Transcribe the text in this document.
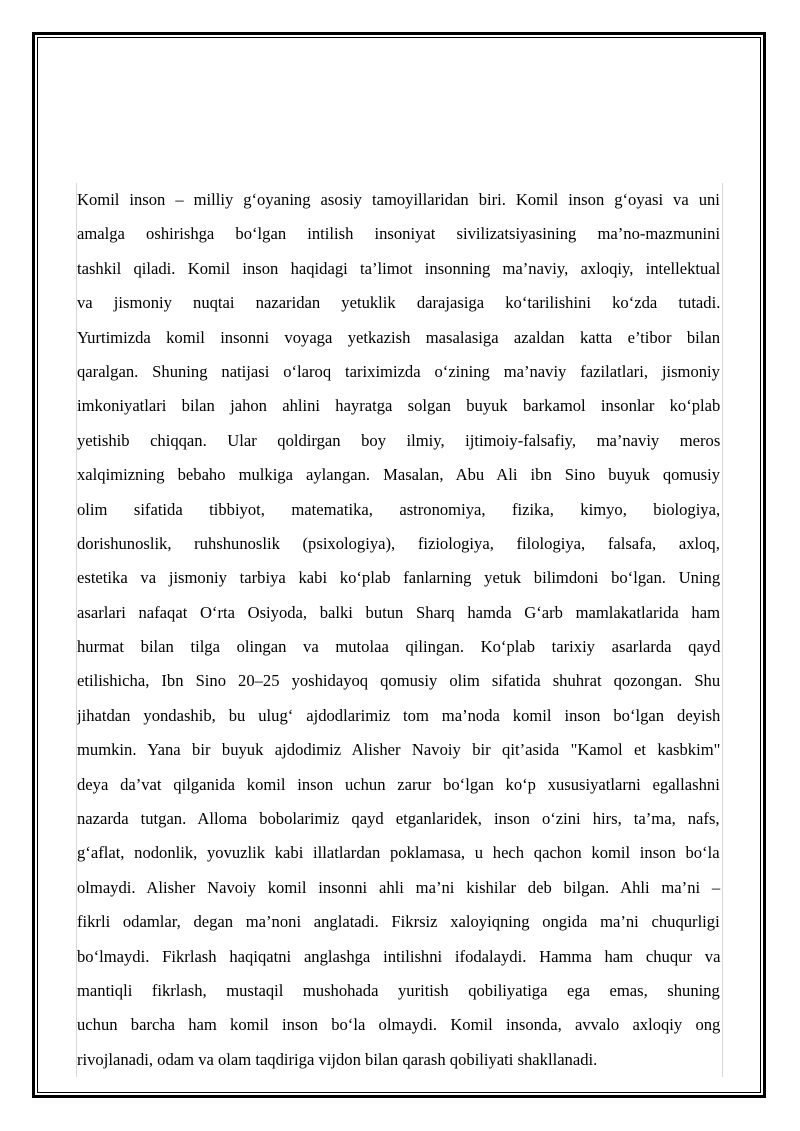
Komil inson – milliy g‘oyaning asosiy tamoyillaridan biri. Komil inson g‘oyasi va uni
amalga oshirishga bo‘lgan intilish insoniyat sivilizatsiyasining ma’no-mazmunini
tashkil qiladi. Komil inson haqidagi ta’limot insonning ma’naviy, axloqiy, intellektual
va jismoniy nuqtai nazaridan yetuklik darajasiga ko‘tarilishini ko‘zda tutadi.
Yurtimizda komil insonni voyaga yetkazish masalasiga azaldan katta e’tibor bilan
qaralgan. Shuning natijasi o‘laroq tariximizda o‘zining ma’naviy fazilatlari, jismoniy
imkoniyatlari bilan jahon ahlini hayratga solgan buyuk barkamol insonlar ko‘plab
yetishib chiqqan. Ular qoldirgan boy ilmiy, ijtimoiy-falsafiy, ma’naviy meros
xalqimizning bebaho mulkiga aylangan. Masalan, Abu Ali ibn Sino buyuk qomusiy
olim sifatida tibbiyot, matematika, astronomiya, fizika, kimyo, biologiya,
dorishunoslik, ruhshunoslik (psixologiya), fiziologiya, filologiya, falsafa, axloq,
estetika va jismoniy tarbiya kabi ko‘plab fanlarning yetuk bilimdoni bo‘lgan. Uning
asarlari nafaqat O‘rta Osiyoda, balki butun Sharq hamda G‘arb mamlakatlarida ham
hurmat bilan tilga olingan va mutolaa qilingan. Ko‘plab tarixiy asarlarda qayd
etilishicha, Ibn Sino 20–25 yoshidayoq qomusiy olim sifatida shuhrat qozongan. Shu
jihatdan yondashib, bu ulug‘ ajdodlarimiz tom ma’noda komil inson bo‘lgan deyish
mumkin. Yana bir buyuk ajdodimiz Alisher Navoiy bir qit’asida "Kamol et kasbkim"
deya da’vat qilganida komil inson uchun zarur bo‘lgan ko‘p xususiyatlarni egallashni
nazarda tutgan. Alloma bobolarimiz qayd etganlaridek, inson o‘zini hirs, ta’ma, nafs,
g‘aflat, nodonlik, yovuzlik kabi illatlardan poklamasa, u hech qachon komil inson bo‘la
olmaydi. Alisher Navoiy komil insonni ahli ma’ni kishilar deb bilgan. Ahli ma’ni –
fikrli odamlar, degan ma’noni anglatadi. Fikrsiz xaloyiqning ongida ma’ni chuqurligi
bo‘lmaydi. Fikrlash haqiqatni anglashga intilishni ifodalaydi. Hamma ham chuqur va
mantiqli fikrlash, mustaqil mushohada yuritish qobiliyatiga ega emas, shuning
uchun barcha ham komil inson bo‘la olmaydi. Komil insonda, avvalo axloqiy ong
rivojlanadi, odam va olam taqdiriga vijdon bilan qarash qobiliyati shakllanadi.
